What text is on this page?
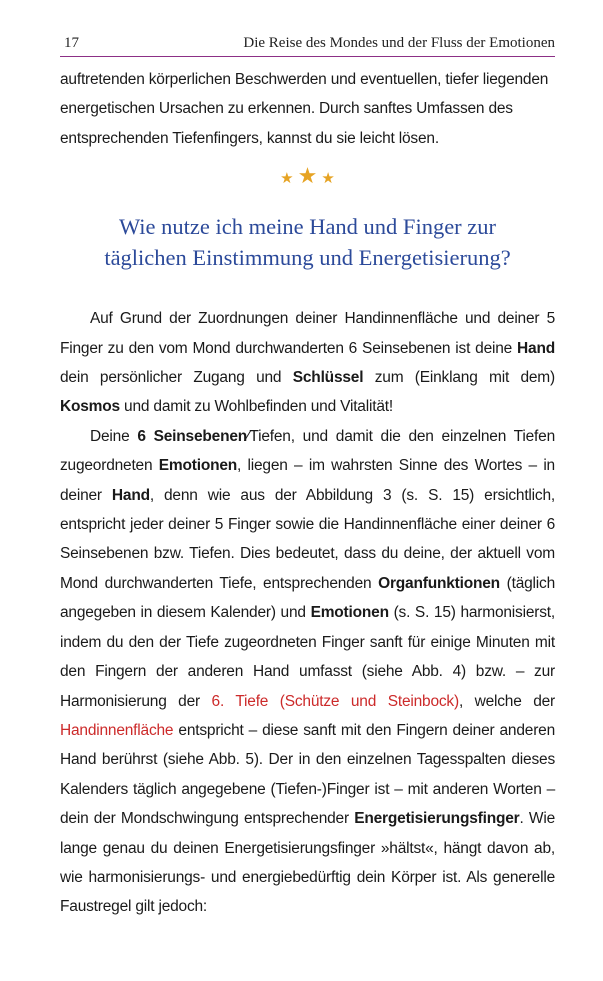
17	Die Reise des Mondes und der Fluss der Emotionen

auftretenden körperlichen Beschwerden und eventuellen, tiefer liegenden energetischen Ursachen zu erkennen. Durch sanftes Umfassen des entsprechenden Tiefenfingers, kannst du sie leicht lösen.

★ ★ ★
Wie nutze ich meine Hand und Finger zur
täglichen Einstimmung und Energetisierung?

Auf Grund der Zuordnungen deiner Handinnenfläche und deiner 5 Finger zu den vom Mond durchwanderten 6 Seinsebenen ist deine Hand dein persönlicher Zugang und Schlüssel zum (Einklang mit dem) Kosmos und damit zu Wohlbefinden und Vitalität!

Deine 6 Seinsebenen⁄Tiefen, und damit die den einzelnen Tiefen zugeordneten Emotionen, liegen – im wahrsten Sinne des Wortes – in deiner Hand, denn wie aus der Abbildung 3 (s. S. 15) ersichtlich, entspricht jeder deiner 5 Finger sowie die Handinnenfläche einer deiner 6 Seinsebenen bzw. Tiefen. Dies bedeutet, dass du deine, der aktuell vom Mond durchwanderten Tiefe, entsprechenden Organfunktionen (täglich angegeben in diesem Kalender) und Emotionen (s. S. 15) harmonisierst, indem du den der Tiefe zugeordneten Finger sanft für einige Minuten mit den Fingern der anderen Hand umfasst (siehe Abb. 4) bzw. – zur Harmonisierung der 6. Tiefe (Schütze und Steinbock), welche der Handinnenfläche entspricht – diese sanft mit den Fingern deiner anderen Hand berührst (siehe Abb. 5). Der in den einzelnen Tagesspalten dieses Kalenders täglich angegebene (Tiefen-)Finger ist – mit anderen Worten – dein der Mondschwingung entsprechender Energetisierungsfinger. Wie lange genau du deinen Energetisierungsfinger »hältst«, hängt davon ab, wie harmonisierungs- und energiebedürftig dein Körper ist. Als generelle Faustregel gilt jedoch:
